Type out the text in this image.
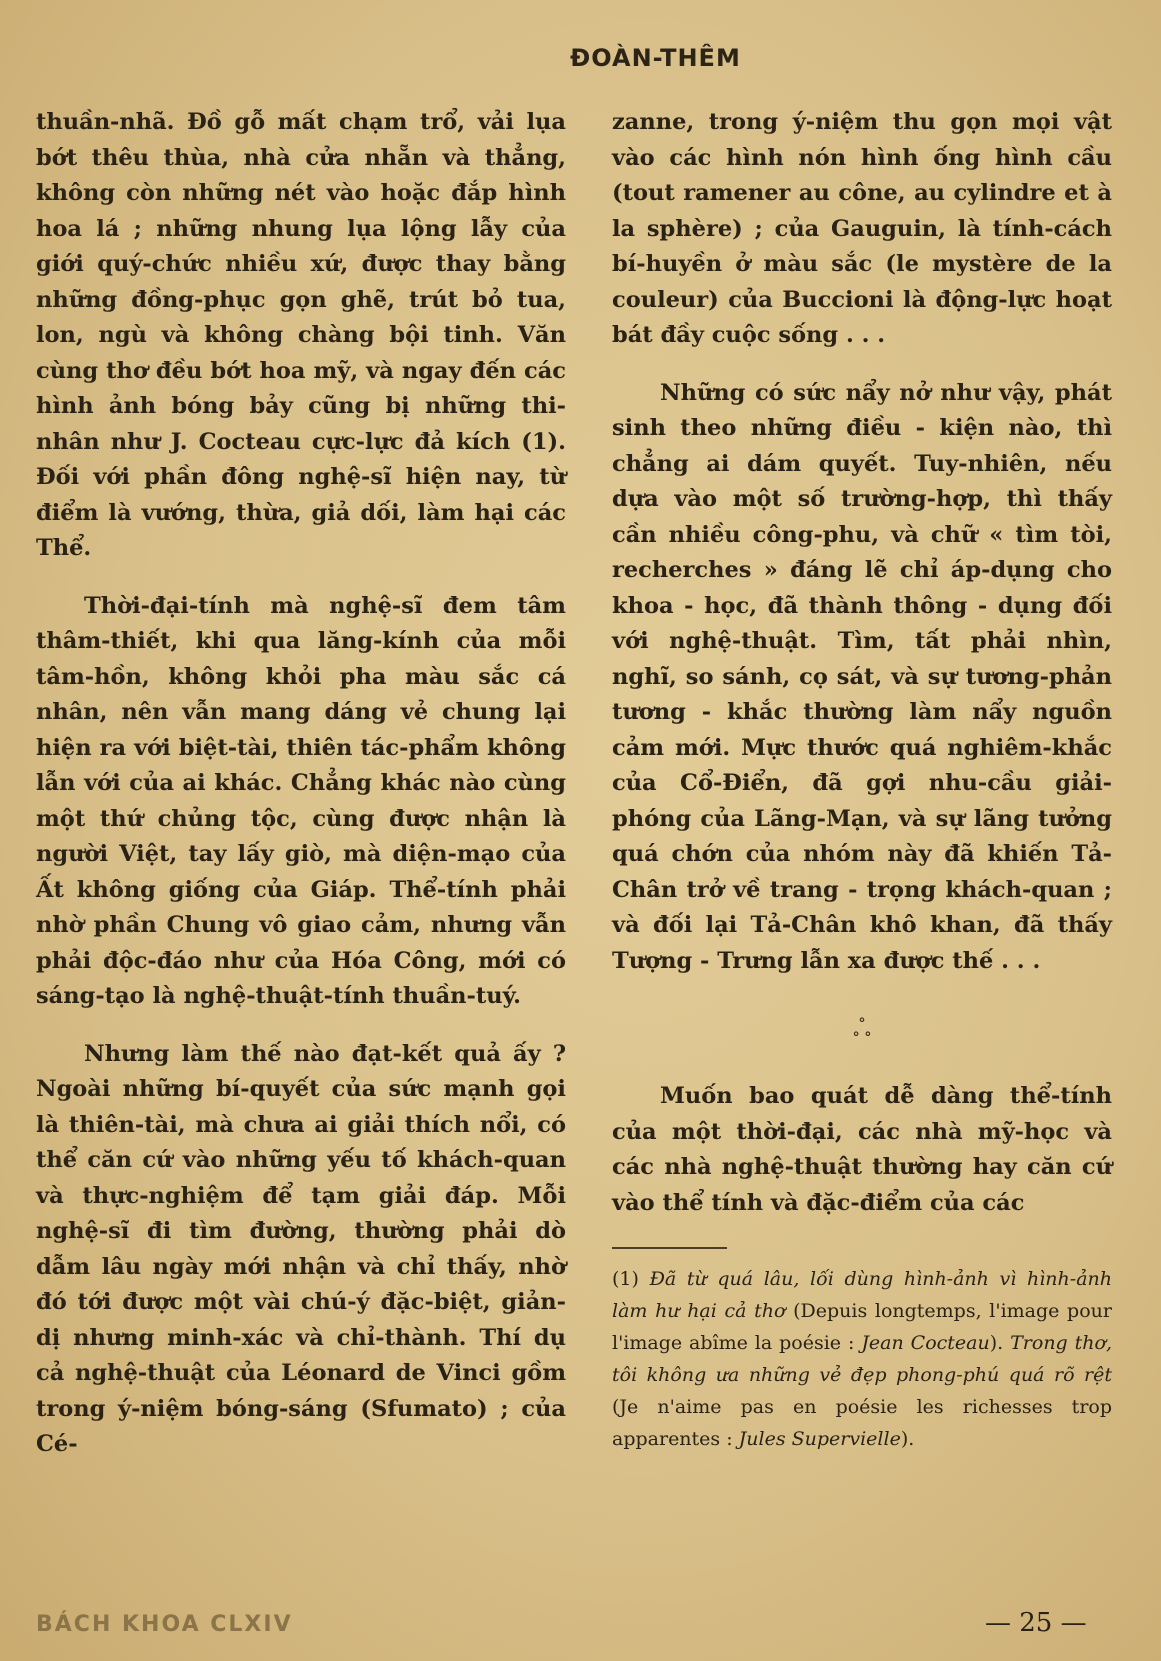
ĐOÀN-THÊM

thuần-nhã. Đồ gỗ mất chạm trổ, vải lụa bớt thêu thùa, nhà cửa nhẵn và thẳng, không còn những nét vào hoặc đắp hình hoa lá ; những nhung lụa lộng lẫy của giới quý-chức nhiều xứ, được thay bằng những đồng-phục gọn ghẽ, trút bỏ tua, lon, ngù và không chàng bội tinh. Văn cùng thơ đều bớt hoa mỹ, và ngay đến các hình ảnh bóng bảy cũng bị những thi-nhân như J. Cocteau cực-lực đả kích (1). Đối với phần đông nghệ-sĩ hiện nay, từ điểm là vướng, thừa, giả dối, làm hại các Thể.

Thời-đại-tính mà nghệ-sĩ đem tâm thâm-thiết, khi qua lăng-kính của mỗi tâm-hồn, không khỏi pha màu sắc cá nhân, nên vẫn mang dáng vẻ chung lại hiện ra với biệt-tài, thiên tác-phẩm không lẫn với của ai khác. Chẳng khác nào cùng một thứ chủng tộc, cùng được nhận là người Việt, tay lấy giò, mà diện-mạo của Ất không giống của Giáp. Thể-tính phải nhờ phần Chung vô giao cảm, nhưng vẫn phải độc-đáo như của Hóa Công, mới có sáng-tạo là nghệ-thuật-tính thuần-tuý.

Nhưng làm thế nào đạt-kết quả ấy ? Ngoài những bí-quyết của sức mạnh gọi là thiên-tài, mà chưa ai giải thích nổi, có thể căn cứ vào những yếu tố khách-quan và thực-nghiệm để tạm giải đáp. Mỗi nghệ-sĩ đi tìm đường, thường phải dò dẫm lâu ngày mới nhận và chỉ thấy, nhờ đó tới được một vài chú-ý đặc-biệt, giản-dị nhưng minh-xác và chỉ-thành. Thí dụ cả nghệ-thuật của Léonard de Vinci gồm trong ý-niệm bóng-sáng (Sfumato) ; của Cé-

zanne, trong ý-niệm thu gọn mọi vật vào các hình nón hình ống hình cầu (tout ramener au cône, au cylindre et à la sphère) ; của Gauguin, là tính-cách bí-huyền ở màu sắc (le mystère de la couleur) của Buccioni là động-lực hoạt bát đầy cuộc sống . . .

Những có sức nẩy nở như vậy, phát sinh theo những điều - kiện nào, thì chẳng ai dám quyết. Tuy-nhiên, nếu dựa vào một số trường-hợp, thì thấy cần nhiều công-phu, và chữ « tìm tòi, recherches » đáng lẽ chỉ áp-dụng cho khoa - học, đã thành thông - dụng đối với nghệ-thuật. Tìm, tất phải nhìn, nghĩ, so sánh, cọ sát, và sự tương-phản tương - khắc thường làm nẩy nguồn cảm mới. Mực thước quá nghiêm-khắc của Cổ-Điển, đã gợi nhu-cầu giải-phóng của Lãng-Mạn, và sự lãng tưởng quá chớn của nhóm này đã khiến Tả-Chân trở về trang - trọng khách-quan ; và đối lại Tả-Chân khô khan, đã thấy Tượng - Trưng lẫn xa được thế . . .

°
° °

Muốn bao quát dễ dàng thể-tính của một thời-đại, các nhà mỹ-học và các nhà nghệ-thuật thường hay căn cứ vào thể tính và đặc-điểm của các

(1) Đã từ quá lâu, lối dùng hình-ảnh vì hình-ảnh làm hư hại cả thơ (Depuis longtemps, l'image pour l'image abîme la poésie : Jean Cocteau). Trong thơ, tôi không ưa những vẻ đẹp phong-phú quá rõ rệt (Je n'aime pas en poésie les richesses trop apparentes : Jules Supervielle).
BÁCH KHOA CLXIV	— 25 —
